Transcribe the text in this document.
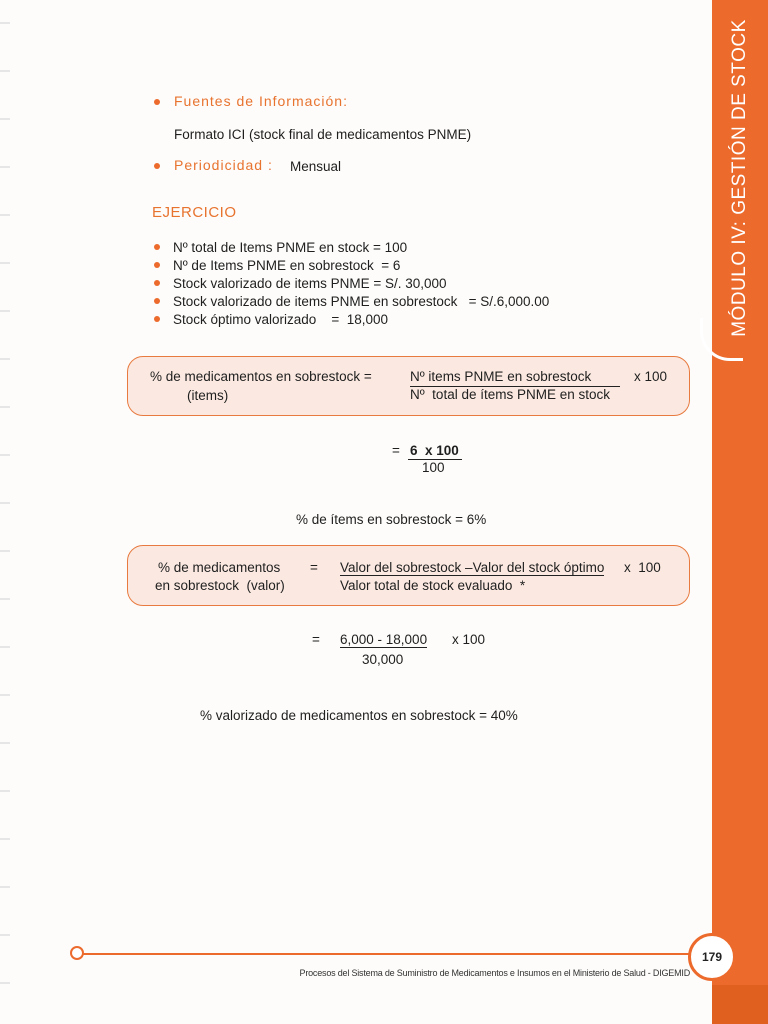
MÓDULO IV: GESTIÓN DE STOCK
Fuentes de Información:
Formato ICI (stock final de medicamentos PNME)
Periodicidad : Mensual
EJERCICIO
Nº total de Items PNME en stock = 100
Nº de Items PNME en sobrestock  = 6
Stock valorizado de items PNME = S/. 30,000
Stock valorizado de items PNME en sobrestock   = S/.6,000.00
Stock óptimo valorizado    =  18,000
% de medicamentos en sobrestock =
(items)
Nº items PNME en sobrestock
Nº  total de ítems PNME en stock
x 100
= 6  x 100
100
% de ítems en sobrestock = 6%
% de medicamentos
en sobrestock  (valor)
= Valor del sobrestock –Valor del stock óptimo
Valor total de stock evaluado  *
x  100
= 6,000 - 18,000 x 100
30,000
% valorizado de medicamentos en sobrestock = 40%
179
Procesos del Sistema de Suministro de Medicamentos e Insumos en el Ministerio de Salud - DIGEMID
